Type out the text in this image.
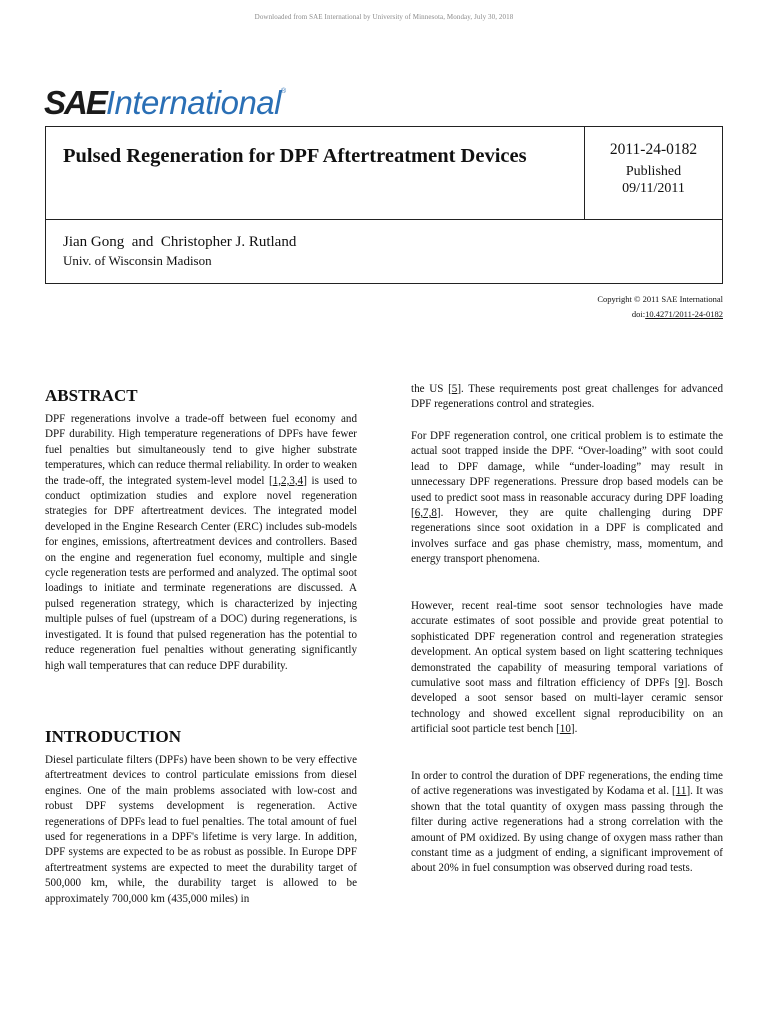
Downloaded from SAE International by University of Minnesota, Monday, July 30, 2018
SAEInternational®
Pulsed Regeneration for DPF Aftertreatment Devices	2011-24-0182
Published
09/11/2011
Jian Gong  and  Christopher J. Rutland
Univ. of Wisconsin Madison
Copyright © 2011 SAE International
doi:10.4271/2011-24-0182
ABSTRACT

DPF regenerations involve a trade-off between fuel economy and DPF durability. High temperature regenerations of DPFs have fewer fuel penalties but simultaneously tend to give higher substrate temperatures, which can reduce thermal reliability. In order to weaken the trade-off, the integrated system-level model [1,2,3,4] is used to conduct optimization studies and explore novel regeneration strategies for DPF aftertreatment devices. The integrated model developed in the Engine Research Center (ERC) includes sub-models for engines, emissions, aftertreatment devices and controllers. Based on the engine and regeneration fuel economy, multiple and single cycle regeneration tests are performed and analyzed. The optimal soot loadings to initiate and terminate regenerations are discussed. A pulsed regeneration strategy, which is characterized by injecting multiple pulses of fuel (upstream of a DOC) during regenerations, is investigated. It is found that pulsed regeneration has the potential to reduce regeneration fuel penalties without generating significantly high wall temperatures that can reduce DPF durability.

INTRODUCTION

Diesel particulate filters (DPFs) have been shown to be very effective aftertreatment devices to control particulate emissions from diesel engines. One of the main problems associated with low-cost and robust DPF systems development is regeneration. Active regenerations of DPFs lead to fuel penalties. The total amount of fuel used for regenerations in a DPF's lifetime is very large. In addition, DPF systems are expected to be as robust as possible. In Europe DPF aftertreatment systems are expected to meet the durability target of 500,000 km, while, the durability target is allowed to be approximately 700,000 km (435,000 miles) in

the US [5]. These requirements post great challenges for advanced DPF regenerations control and strategies.

For DPF regeneration control, one critical problem is to estimate the actual soot trapped inside the DPF. “Over-loading” with soot could lead to DPF damage, while “under-loading” may result in unnecessary DPF regenerations. Pressure drop based models can be used to predict soot mass in reasonable accuracy during DPF loading [6,7,8]. However, they are quite challenging during DPF regenerations since soot oxidation in a DPF is complicated and involves surface and gas phase chemistry, mass, momentum, and energy transport phenomena.

However, recent real-time soot sensor technologies have made accurate estimates of soot possible and provide great potential to sophisticated DPF regeneration control and regeneration strategies development. An optical system based on light scattering techniques demonstrated the capability of measuring temporal variations of cumulative soot mass and filtration efficiency of DPFs [9]. Bosch developed a soot sensor based on multi-layer ceramic sensor technology and showed excellent signal reproducibility on an artificial soot particle test bench [10].

In order to control the duration of DPF regenerations, the ending time of active regenerations was investigated by Kodama et al. [11]. It was shown that the total quantity of oxygen mass passing through the filter during active regenerations had a strong correlation with the amount of PM oxidized. By using change of oxygen mass rather than constant time as a judgment of ending, a significant improvement of about 20% in fuel consumption was observed during road tests.
